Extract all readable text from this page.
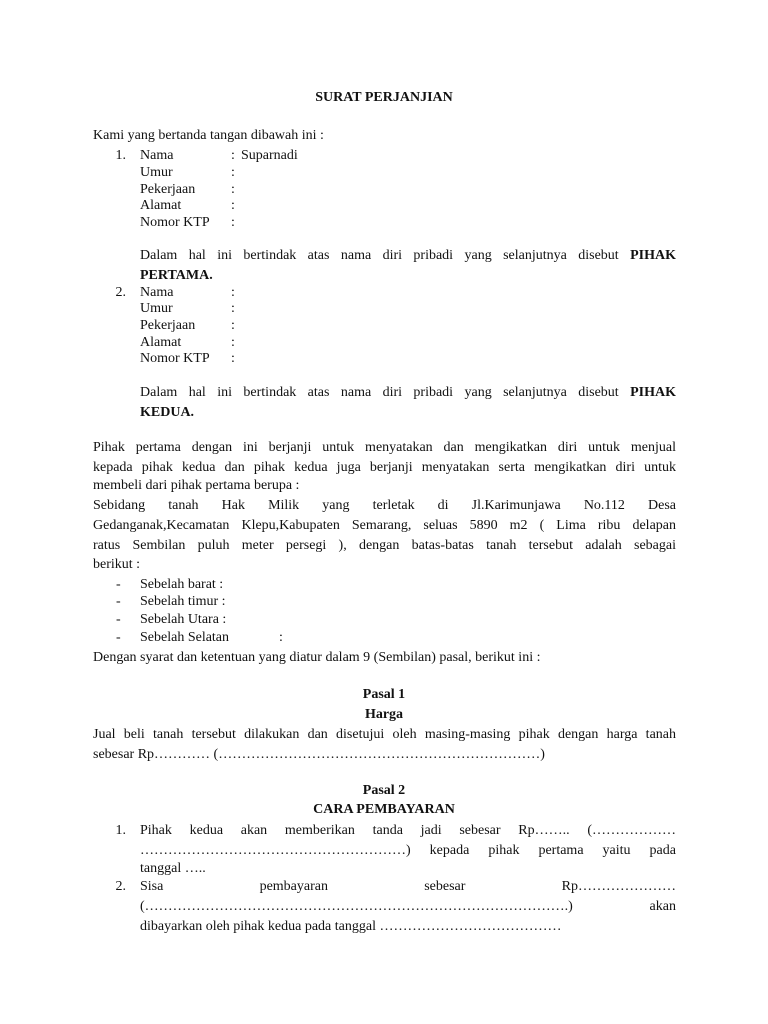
SURAT PERJANJIAN
Kami yang bertanda tangan dibawah ini :
1. Nama	: Suparnadi
Umur	:
Pekerjaan	:
Alamat	:
Nomor KTP :
Dalam hal ini bertindak atas nama diri pribadi yang selanjutnya disebut PIHAK
PERTAMA.
2. Nama	:
Umur	:
Pekerjaan	:
Alamat	:
Nomor KTP :
Dalam hal ini bertindak atas nama diri pribadi yang selanjutnya disebut PIHAK
KEDUA.
Pihak pertama dengan ini berjanji untuk menyatakan dan mengikatkan diri untuk menjual
kepada pihak kedua dan pihak kedua juga berjanji menyatakan serta mengikatkan diri untuk
membeli dari pihak pertama berupa :
Sebidang tanah Hak Milik yang terletak di Jl.Karimunjawa No.112 Desa
Gedanganak,Kecamatan Klepu,Kabupaten Semarang, seluas 5890 m2 ( Lima ribu delapan
ratus Sembilan puluh meter persegi ), dengan batas-batas tanah tersebut adalah sebagai
berikut :
- Sebelah barat :
- Sebelah timur :
- Sebelah Utara :
- Sebelah Selatan	:
Dengan syarat dan ketentuan yang diatur dalam 9 (Sembilan) pasal, berikut ini :
Pasal 1
Harga
Jual beli tanah tersebut dilakukan dan disetujui oleh masing-masing pihak dengan harga tanah
sebesar Rp………… (……………………………………………………………)
Pasal 2
CARA PEMBAYARAN
1. Pihak kedua akan memberikan tanda jadi sebesar Rp…….. (………………
…………………………………………………) kepada pihak pertama yaitu pada
tanggal …..
2. Sisa pembayaran sebesar Rp…………………
(……………………………………………………………………………….) akan
dibayarkan oleh pihak kedua pada tanggal …………………………………
